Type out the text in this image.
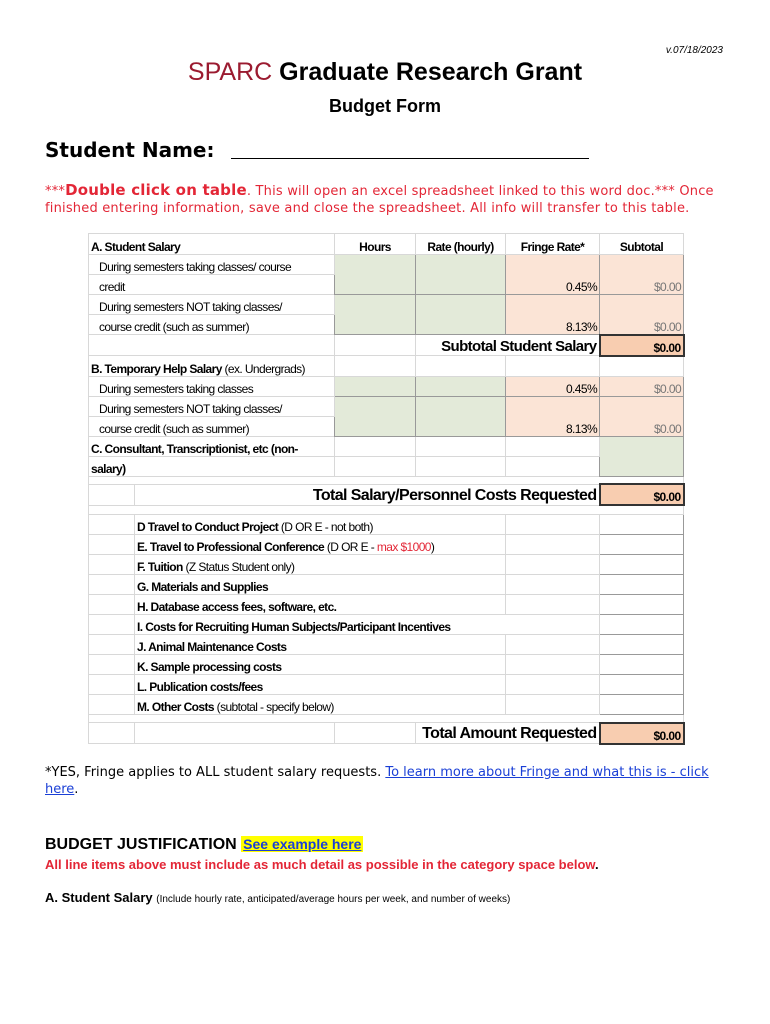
v.07/18/2023
SPARC Graduate Research Grant
Budget Form
Student Name:
***Double click on table. This will open an excel spreadsheet linked to this word doc.*** Once finished entering information, save and close the spreadsheet. All info will transfer to this table.
A. Student Salary		Hours	Rate (hourly)	Fringe Rate*	Subtotal
During semesters taking classes/ course				0.45%	$0.00
credit					
During semesters NOT taking classes/				8.13%	$0.00
course credit (such as summer)					
			Subtotal Student Salary		$0.00
B. Temporary Help Salary (ex. Undergrads)					
During semesters taking classes				0.45%	$0.00
During semesters NOT taking classes/				8.13%	$0.00
course credit (such as summer)					
C. Consultant, Transcriptionist, etc (non-					
salary)					

	Total Salary/Personnel Costs Requested				$0.00

	D Travel to Conduct Project (D OR E - not both)				
	E. Travel to Professional Conference (D OR E - max $1000)				
	F. Tuition (Z Status Student only)				
	G. Materials and Supplies				
	H. Database access fees, software, etc.				
	I. Costs for Recruiting Human Subjects/Participant Incentives				
	J. Animal Maintenance Costs				
	K. Sample processing costs				
	L. Publication costs/fees				
	M. Other Costs (subtotal - specify below)				

			Total Amount Requested		$0.00
*YES, Fringe applies to ALL student salary requests. To learn more about Fringe and what this is - click here.
BUDGET JUSTIFICATION See example here
All line items above must include as much detail as possible in the category space below.
A. Student Salary (Include hourly rate, anticipated/average hours per week, and number of weeks)
